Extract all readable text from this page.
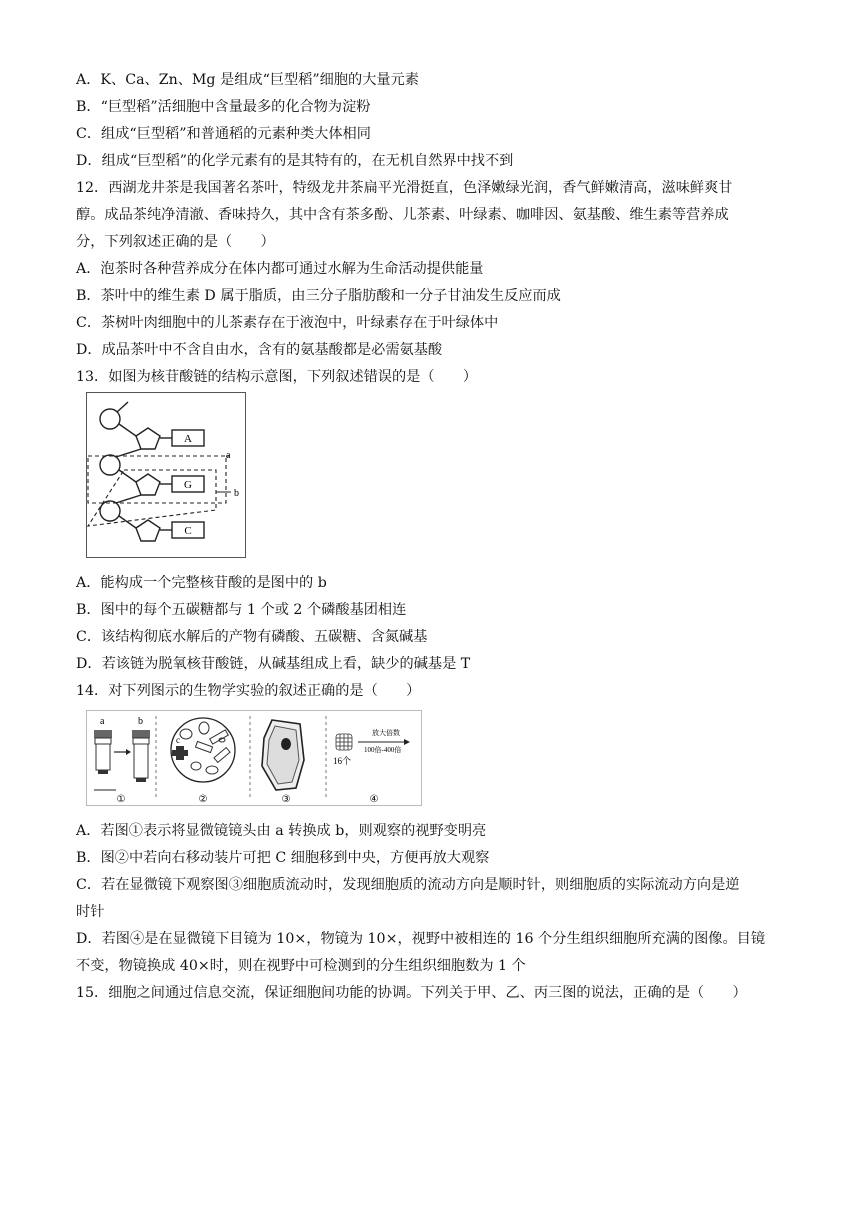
A．K、Ca、Zn、Mg 是组成“巨型稻”细胞的大量元素
B．“巨型稻”活细胞中含量最多的化合物为淀粉
C．组成“巨型稻”和普通稻的元素种类大体相同
D．组成“巨型稻”的化学元素有的是其特有的，在无机自然界中找不到
12．西湖龙井茶是我国著名茶叶，特级龙井茶扁平光滑挺直，色泽嫩绿光润，香气鲜嫩清高，滋味鲜爽甘
醇。成品茶纯净清澈、香味持久，其中含有茶多酚、儿茶素、叶绿素、咖啡因、氨基酸、维生素等营养成
分，下列叙述正确的是（　　）
A．泡茶时各种营养成分在体内都可通过水解为生命活动提供能量
B．茶叶中的维生素 D 属于脂质，由三分子脂肪酸和一分子甘油发生反应而成
C．茶树叶肉细胞中的儿茶素存在于液泡中，叶绿素存在于叶绿体中
D．成品茶叶中不含自由水，含有的氨基酸都是必需氨基酸
13．如图为核苷酸链的结构示意图，下列叙述错误的是（　　）
A
G
C
a
b
A．能构成一个完整核苷酸的是图中的 b
B．图中的每个五碳糖都与 1 个或 2 个磷酸基团相连
C．该结构彻底水解后的产物有磷酸、五碳糖、含氮碱基
D．若该链为脱氧核苷酸链，从碱基组成上看，缺少的碱基是 T
14．对下列图示的生物学实验的叙述正确的是（　　）
a	b
①
c
②	③
16个
放大倍数
100倍-400倍
④
A．若图①表示将显微镜镜头由 a 转换成 b，则观察的视野变明亮
B．图②中若向右移动装片可把 C 细胞移到中央，方便再放大观察
C．若在显微镜下观察图③细胞质流动时，发现细胞质的流动方向是顺时针，则细胞质的实际流动方向是逆
时针
D．若图④是在显微镜下目镜为 10×，物镜为 10×，视野中被相连的 16 个分生组织细胞所充满的图像。目镜
不变，物镜换成 40×时，则在视野中可检测到的分生组织细胞数为 1 个
15．细胞之间通过信息交流，保证细胞间功能的协调。下列关于甲、乙、丙三图的说法，正确的是（　　）
